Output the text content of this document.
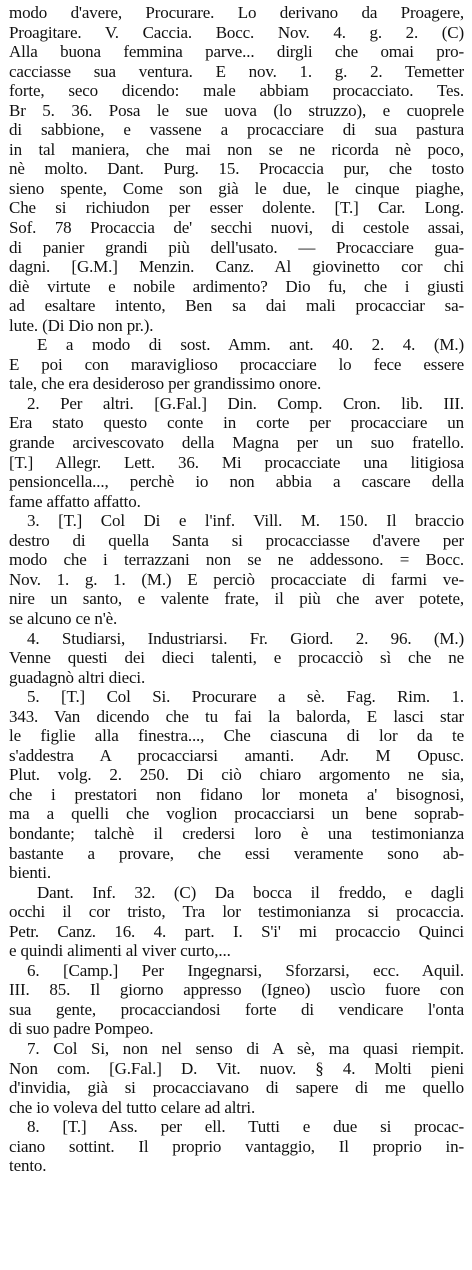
modo d'avere, Procurare. Lo derivano da Proagere,
Proagitare. V. Caccia. Bocc. Nov. 4. g. 2. (C)
Alla buona femmina parve... dirgli che omai pro-
cacciasse sua ventura. E nov. 1. g. 2. Temetter
forte, seco dicendo: male abbiam procacciato. Tes.
Br 5. 36. Posa le sue uova (lo struzzo), e cuoprele
di sabbione, e vassene a procacciare di sua pastura
in tal maniera, che mai non se ne ricorda nè poco,
nè molto. Dant. Purg. 15. Procaccia pur, che tosto
sieno spente, Come son già le due, le cinque piaghe,
Che si richiudon per esser dolente. [T.] Car. Long.
Sof. 78 Procaccia de' secchi nuovi, di cestole assai,
di panier grandi più dell'usato. — Procacciare gua-
dagni. [G.M.] Menzin. Canz. Al giovinetto cor chi
diè virtute e nobile ardimento? Dio fu, che i giusti
ad esaltare intento, Ben sa dai mali procacciar sa-
lute. (Di Dio non pr.).
E a modo di sost. Amm. ant. 40. 2. 4. (M.)
E poi con maraviglioso procacciare lo fece essere
tale, che era desideroso per grandissimo onore.
2. Per altri. [G.Fal.] Din. Comp. Cron. lib. III.
Era stato questo conte in corte per procacciare un
grande arcivescovato della Magna per un suo fratello.
[T.] Allegr. Lett. 36. Mi procacciate una litigiosa
pensioncella..., perchè io non abbia a cascare della
fame affatto affatto.
3. [T.] Col Di e l'inf. Vill. M. 150. Il braccio
destro di quella Santa si procacciasse d'avere per
modo che i terrazzani non se ne addessono. = Bocc.
Nov. 1. g. 1. (M.) E perciò procacciate di farmi ve-
nire un santo, e valente frate, il più che aver potete,
se alcuno ce n'è.
4. Studiarsi, Industriarsi. Fr. Giord. 2. 96. (M.)
Venne questi dei dieci talenti, e procacciò sì che ne
guadagnò altri dieci.
5. [T.] Col Si. Procurare a sè. Fag. Rim. 1.
343. Van dicendo che tu fai la balorda, E lasci star
le figlie alla finestra..., Che ciascuna di lor da te
s'addestra A procacciarsi amanti. Adr. M Opusc.
Plut. volg. 2. 250. Di ciò chiaro argomento ne sia,
che i prestatori non fidano lor moneta a' bisognosi,
ma a quelli che voglion procacciarsi un bene soprab-
bondante; talchè il credersi loro è una testimonianza
bastante a provare, che essi veramente sono ab-
bienti.
Dant. Inf. 32. (C) Da bocca il freddo, e dagli
occhi il cor tristo, Tra lor testimonianza si procaccia.
Petr. Canz. 16. 4. part. I. S'i' mi procaccio Quinci
e quindi alimenti al viver curto,...
6. [Camp.] Per Ingegnarsi, Sforzarsi, ecc. Aquil.
III. 85. Il giorno appresso (Igneo) uscìo fuore con
sua gente, procacciandosi forte di vendicare l'onta
di suo padre Pompeo.
7. Col Si, non nel senso di A sè, ma quasi riempit.
Non com. [G.Fal.] D. Vit. nuov. § 4. Molti pieni
d'invidia, già si procacciavano di sapere di me quello
che io voleva del tutto celare ad altri.
8. [T.] Ass. per ell. Tutti e due si procac-
ciano sottint. Il proprio vantaggio, Il proprio in-
tento.
